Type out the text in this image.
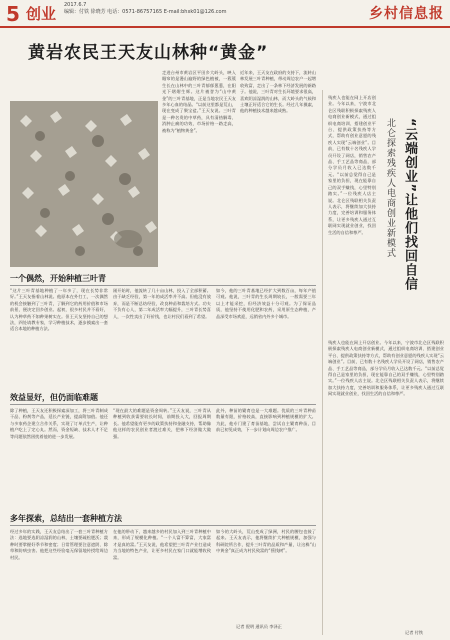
5 创业 2017.6.7
编辑：付铁 徐晓芳 电话：0571-86757165 E-mail:bhxk01@126.com	乡村信息报
黄岩农民王天友山林种“黄金”
走进台州市黄岩区平田乡大岭头，映入眼帘的是漫山遍野的绿色植被，一簇簇生长在山林中的三叶青郁郁葱葱，在阳光下熠熠生辉。这片被誉为“山中黄金”的三叶青基地，正是当地农民王天友多年心血的结晶。“以前这里都是荒山，现在变成了聚宝盆。”王天友说。三叶青是一种名贵的中草药，具有清热解毒、消肿止痛的功效，市场价格一路走高，被称为“植物黄金”。
近年来，王天友在政府的支持下，流转山林发展三叶青种植，带动周边农户一起增收致富，走出了一条林下经济发展的新路子。他说，三叶青对生长环境要求很高，喜欢阴凉湿润的山林，而大岭头的气候和土壤正好适合它的生长。经过几年摸索，他的种植技术越来越成熟。
一个偶然，开始种植三叶青
“这片三叶青基地种植了一年多了，现在长势非常好。”王天友指着山林说。他原本在外打工，一次偶然的机会接触到了三叶青，了解到它的药用价值和市场前景，便决定回乡创业。起初，很多村民并不看好，认为种草药不如种果树实在。但王天友坚持自己的想法，四处请教专家，学习种植技术，逐步摸索出一套适合本地的种植方法。
刚开始时，他流转了几十亩山林，投入了全部积蓄。由于缺乏经验，第一年的成活率并不高。但他没有放弃，而是不断总结经验，改良种苗和栽培方式。功夫不负有心人，第二年成活率大幅提升，三叶青长势喜人，一次性卖出了好价钱，也让村民们看到了希望。
如今，他的三叶青基地已经扩大到数百亩，每年产值可观。他说，三叶青的生长周期较长，一般需要三年以上才能采挖，但经济效益十分可观。为了保证品质，他坚持不使用化肥和农药，采用原生态种植，产品深受市场欢迎，远销省内外多个城市。
效益显好，但仍面临难题
除了种植，王天友还积极探索深加工，将三叶青制成干品、粉剂等产品，延长产业链，提高附加值。他还与多家药企建立合作关系，实现了订单式生产，让种植户吃上了定心丸。然而，资金短缺、技术人才不足等问题依然困扰着他的进一步发展。
“现在最大的难题是资金周转。”王天友说，三叶青从种植到收获需要较长时间，前期投入大，回报周期长。他希望能有更多的政策扶持和金融支持，帮助像他这样的农民创业者渡过难关，把林下经济做大做强。
此外，种苗的繁育也是一大难题。优质的三叶青种苗数量有限，价格较高，直接影响到种植规模的扩大。为此，他专门建了育苗基地，尝试自主繁育种苗，目前已初见成效，下一步计划向周边农户推广。
多年探索，总结出一套种植方法
经过多年的实践，王天友总结出了一套三叶青种植方法：选地要选阴凉湿润的山林，土壤要疏松肥沃；栽种时要掌握好季节和密度；日常管理要注意遮阴、除草和防病虫害。他把这些经验毫无保留地传授给周边村民。
在他的带动下，越来越多的村民加入到三叶青种植中来，形成了规模化种植。“一个人富不算富，大家富才是真的富。”王天友说，他希望把三叶青产业打造成为当地的特色产业，让更多村民在家门口就能增收致富。
如今的大岭头，荒山变成了绿洲，村民的腰包也鼓了起来。王天友表示，他将继续扩大种植规模，加强与科研院所合作，提升三叶青的品质和产量，让这株“山中黄金”真正成为村民致富的“摇钱树”。
记者 倪明 通讯员 李泽正
“云端创业”让他们找回自信
北仑探索残疾人电商创业新模式
残疾人也能在网上开店创业。今年以来，宁波市北仑区残联积极探索残疾人电商创业新模式，通过组织电商培训、搭建创业平台、提供政策扶持等方式，帮助有创业意愿的残疾人实现“云端创业”。目前，已有数十名残疾人学员开设了网店，销售农产品、手工艺品等商品，部分学员月收入已达数千元。“以前总觉得自己是家里的负担，现在能靠自己的双手赚钱，心里特别踏实。”一位残疾人店主说。北仑区残联相关负责人表示，将继续加大扶持力度，完善培训和服务体系，让更多残疾人通过互联网实现就业创业，找回生活的自信和尊严。
残疾人也能在网上开店创业。今年以来，宁波市北仑区残联积极探索残疾人电商创业新模式，通过组织电商培训、搭建创业平台、提供政策扶持等方式，帮助有创业意愿的残疾人实现“云端创业”。目前，已有数十名残疾人学员开设了网店，销售农产品、手工艺品等商品，部分学员月收入已达数千元。“以前总觉得自己是家里的负担，现在能靠自己的双手赚钱，心里特别踏实。”一位残疾人店主说。北仑区残联相关负责人表示，将继续加大扶持力度，完善培训和服务体系，让更多残疾人通过互联网实现就业创业，找回生活的自信和尊严。
记者 付铁
